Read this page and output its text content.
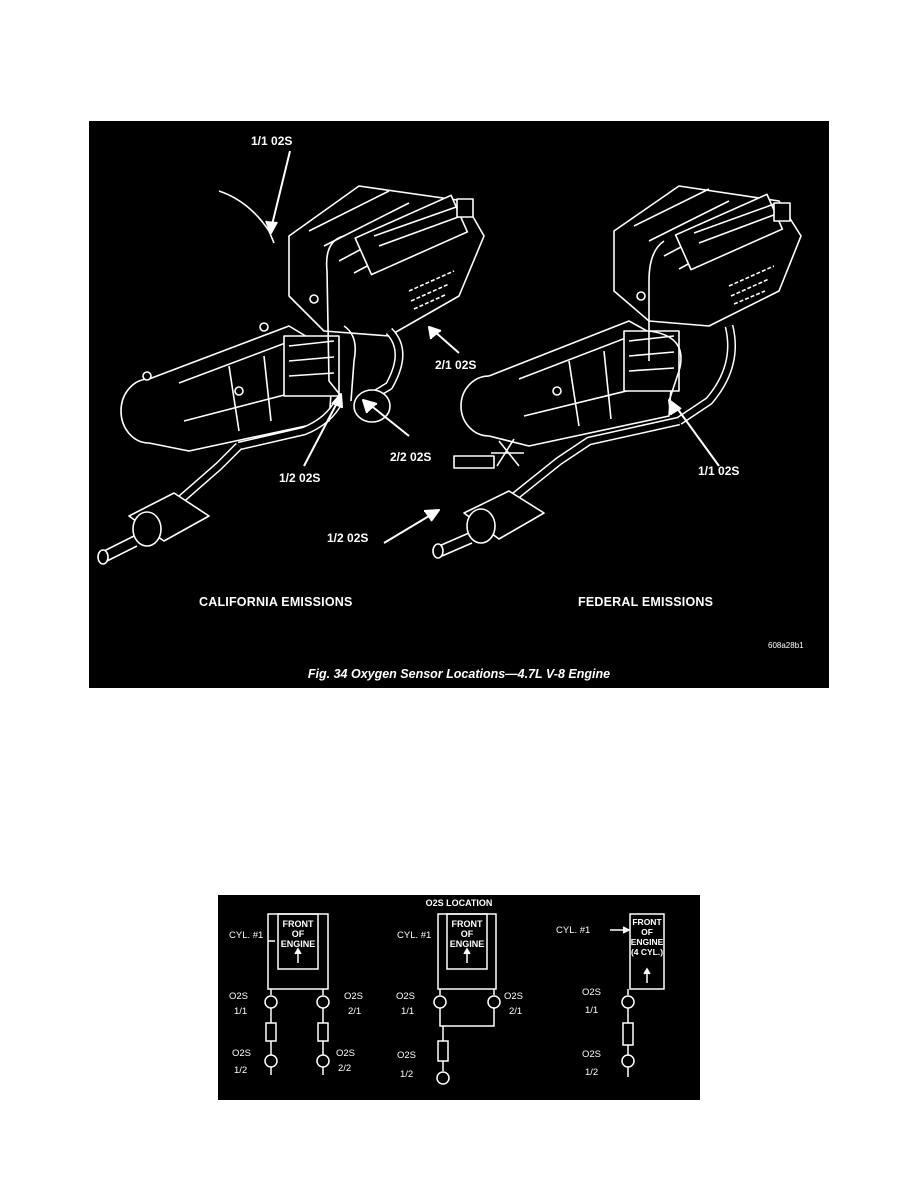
1/1 02S
2/1 02S
2/2 02S
1/2 02S
1/2 02S
1/1 02S
CALIFORNIA EMISSIONS	FEDERAL EMISSIONS
608a28b1
Fig. 34 Oxygen Sensor Locations—4.7L V-8 Engine
O2S LOCATION
CYL. #1
FRONT
OF
ENGINE
O2S
1/1
O2S
2/1
O2S
1/2
O2S
2/2
CYL. #1
FRONT
OF
ENGINE
O2S
1/1
O2S
2/1
O2S
1/2
CYL. #1
FRONT
OF
ENGINE
(4 CYL.)
O2S
1/1
O2S
1/2
